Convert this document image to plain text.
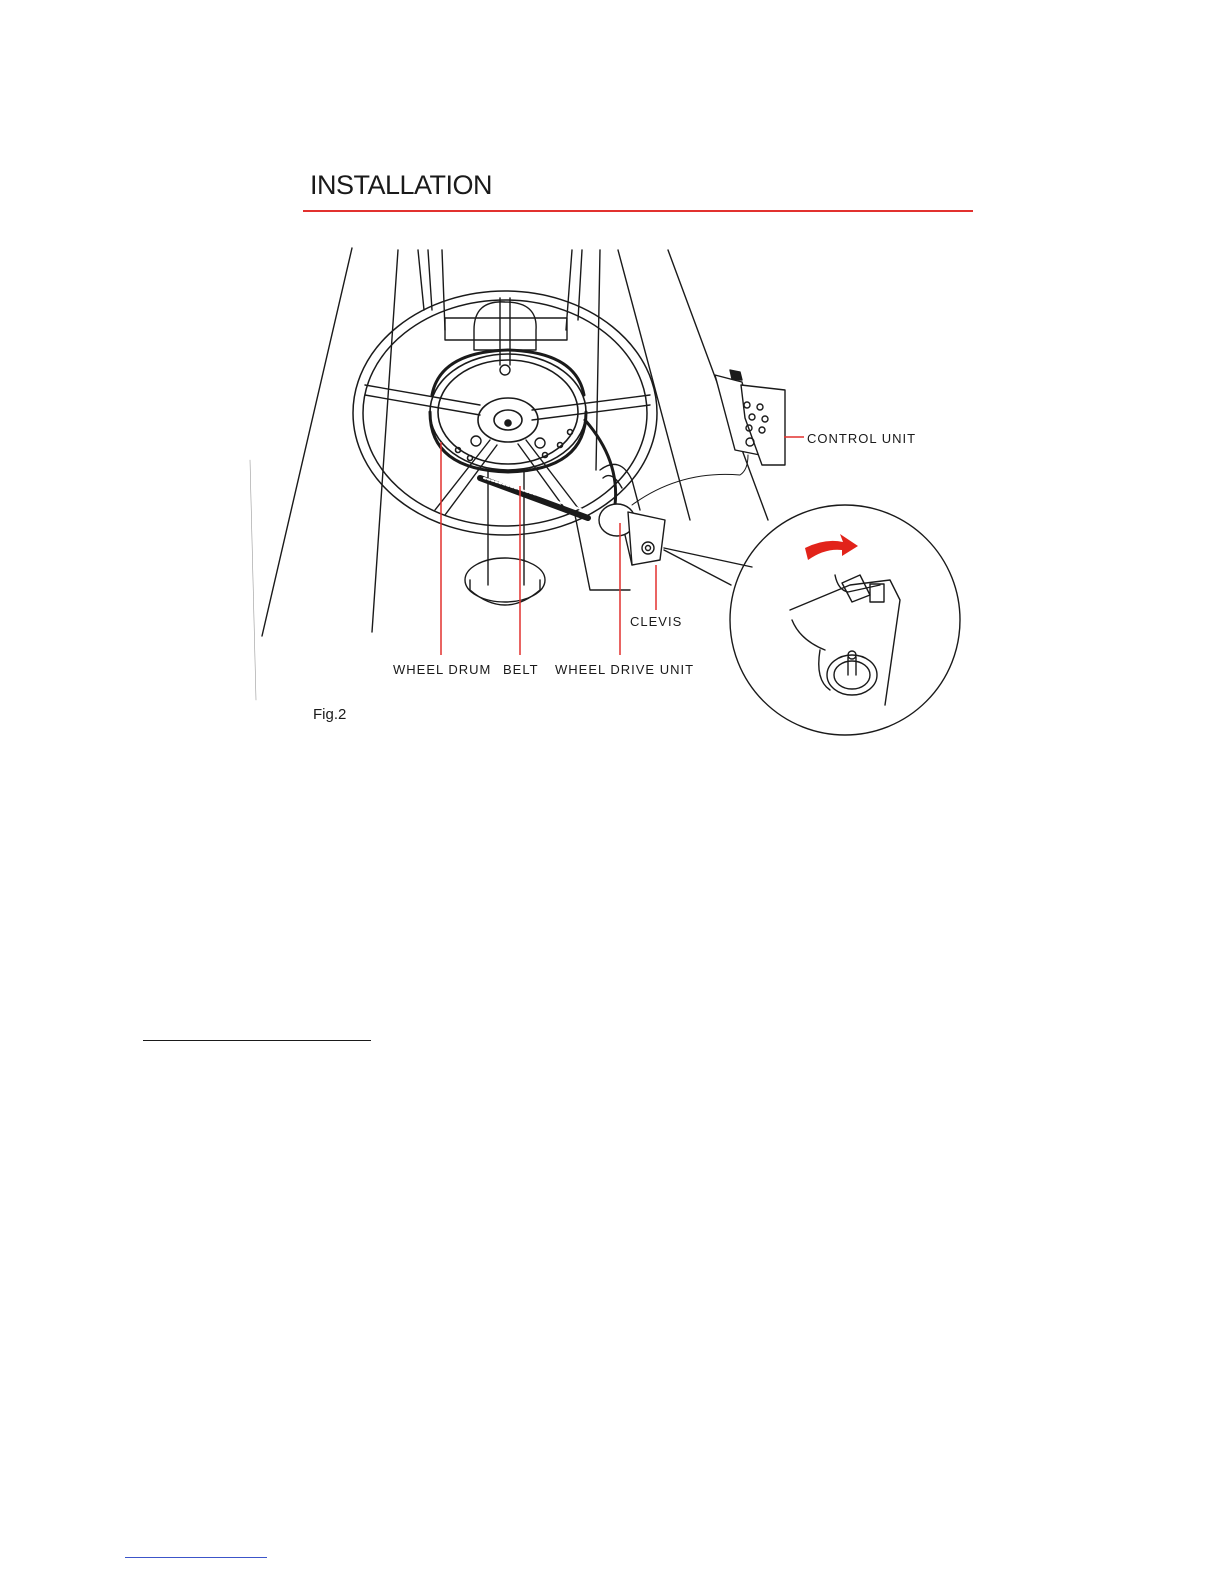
INSTALLATION
CONTROL UNIT
CLEVIS
WHEEL DRUM BELT WHEEL DRIVE UNIT
Fig.2
